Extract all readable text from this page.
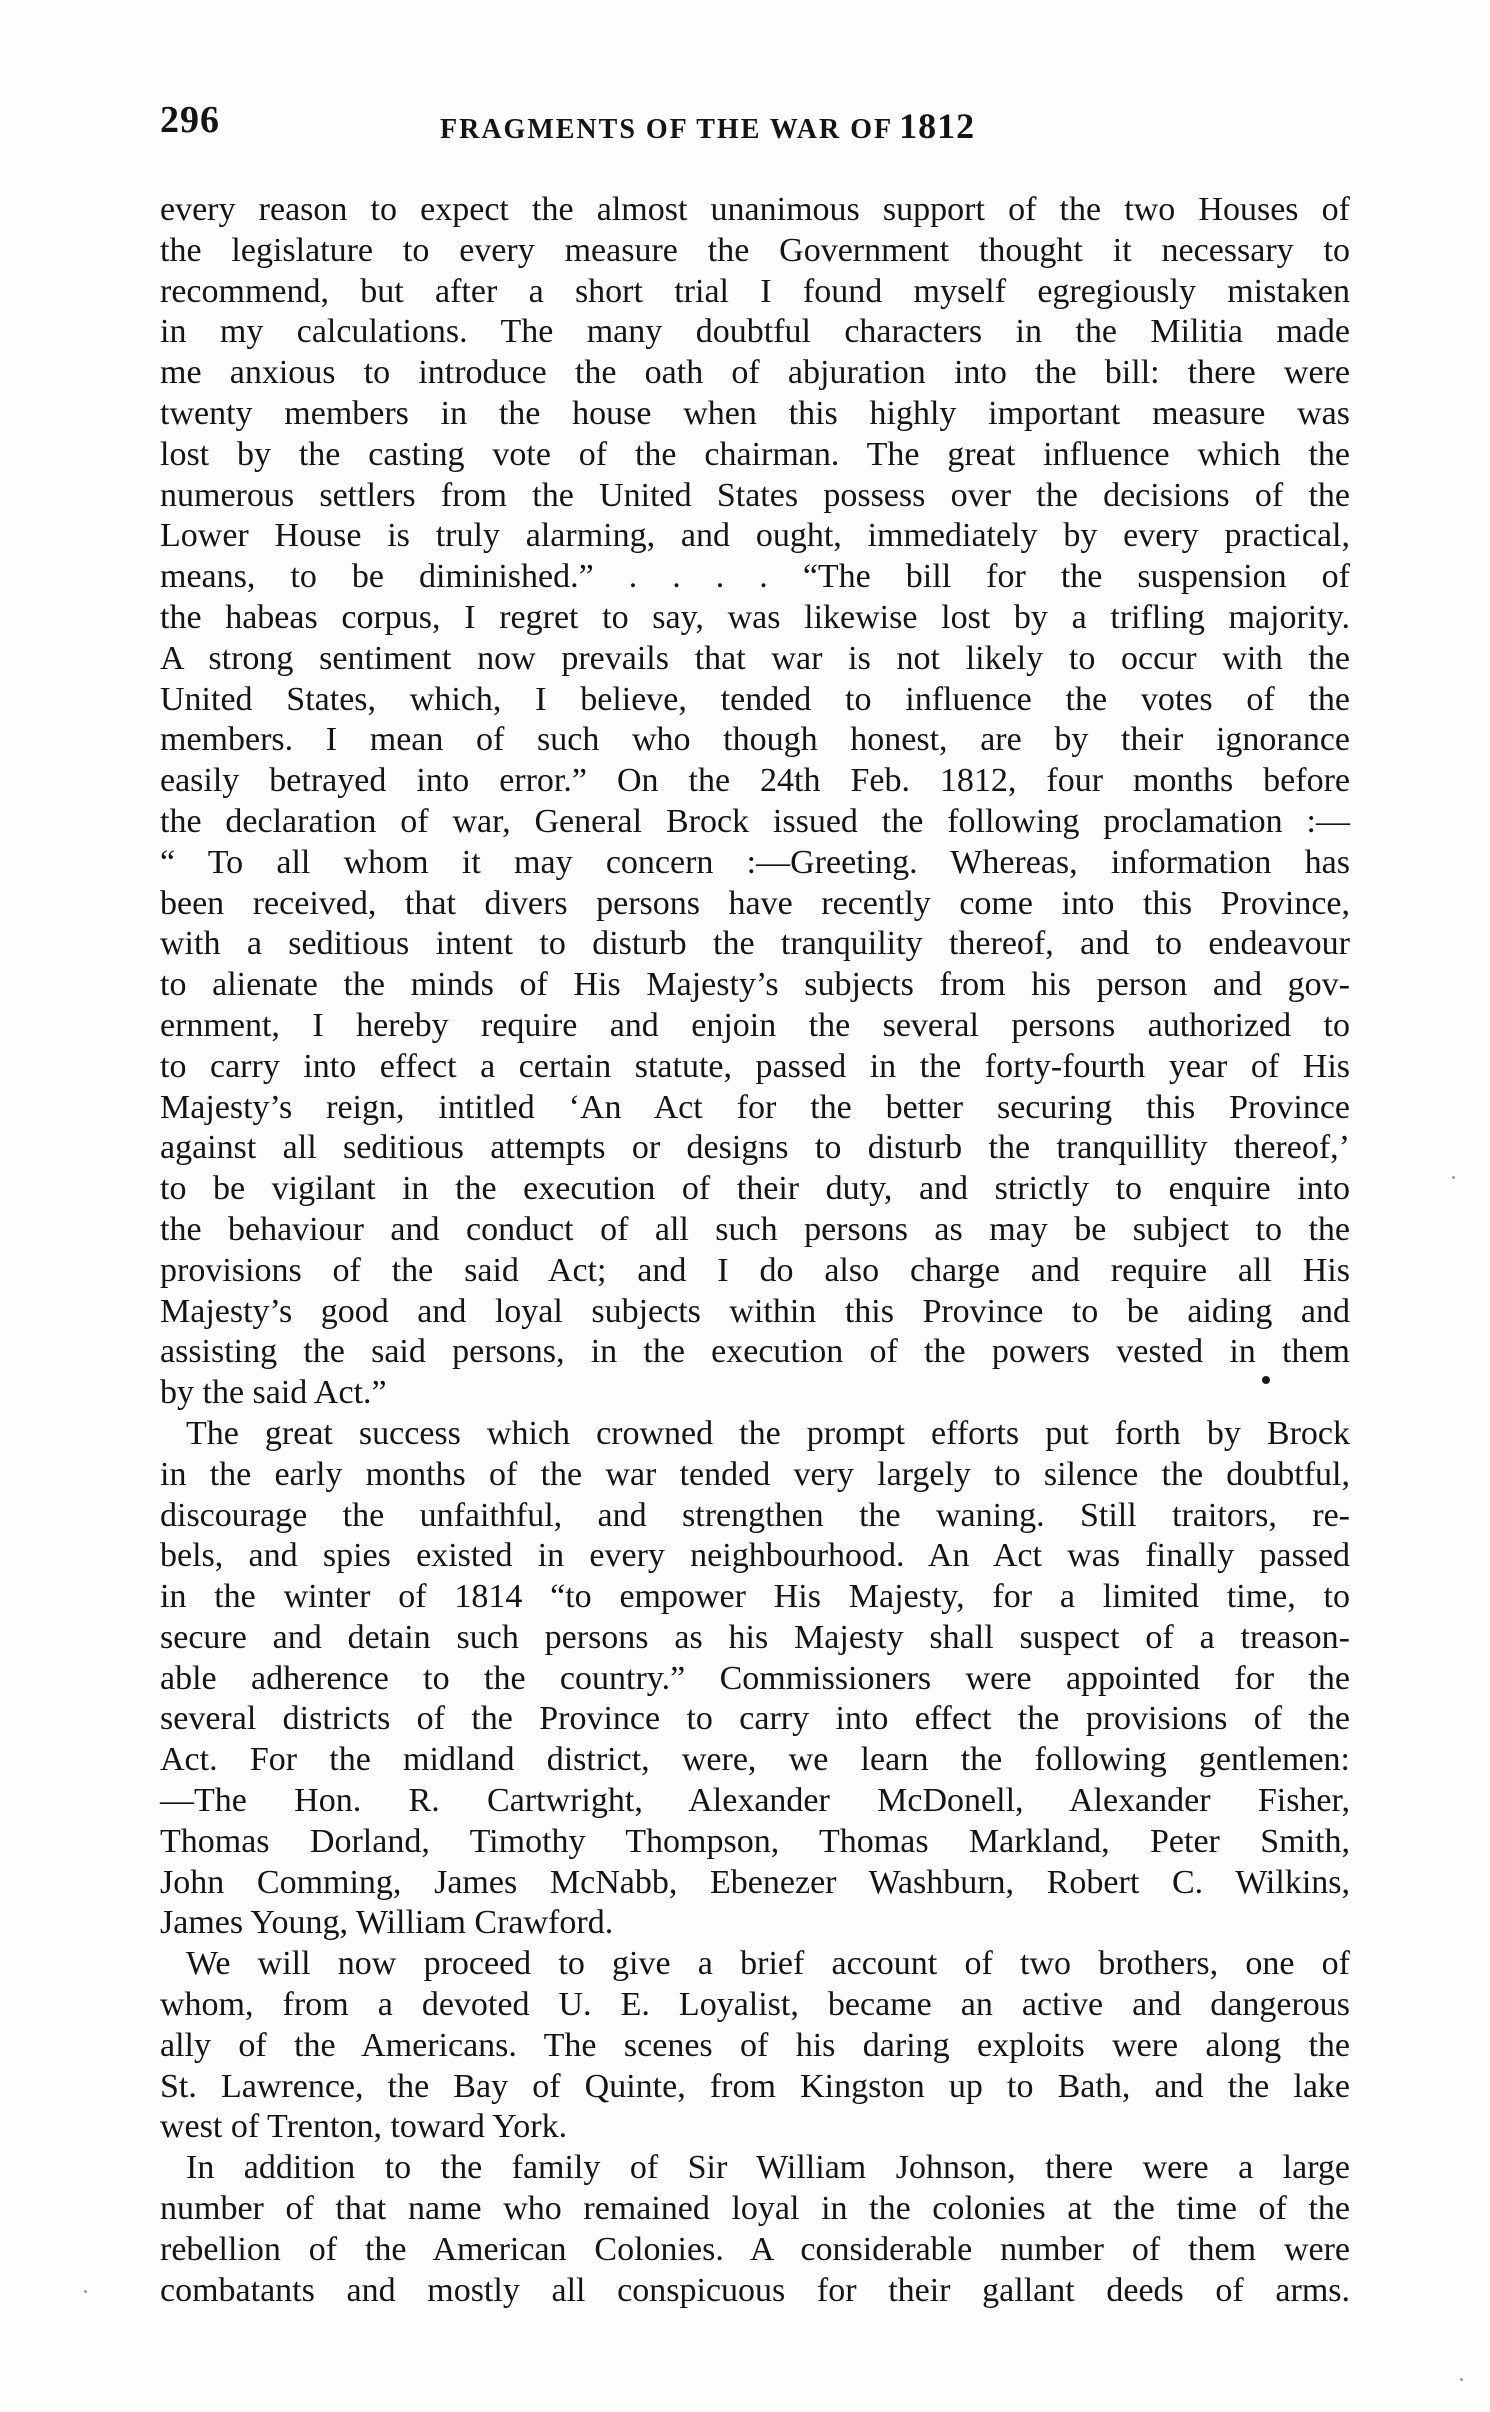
296	FRAGMENTS OF THE WAR OF 1812
every reason to expect the almost unanimous support of the two Houses of
the legislature to every measure the Government thought it necessary to
recommend, but after a short trial I found myself egregiously mistaken
in my calculations. The many doubtful characters in the Militia made
me anxious to introduce the oath of abjuration into the bill: there were
twenty members in the house when this highly important measure was
lost by the casting vote of the chairman. The great influence which the
numerous settlers from the United States possess over the decisions of the
Lower House is truly alarming, and ought, immediately by every practical,
means, to be diminished.” . . . . “The bill for the suspension of
the habeas corpus, I regret to say, was likewise lost by a trifling majority.
A strong sentiment now prevails that war is not likely to occur with the
United States, which, I believe, tended to influence the votes of the
members. I mean of such who though honest, are by their ignorance
easily betrayed into error.” On the 24th Feb. 1812, four months before
the declaration of war, General Brock issued the following proclamation :—
“ To all whom it may concern :—Greeting. Whereas, information has
been received, that divers persons have recently come into this Province,
with a seditious intent to disturb the tranquility thereof, and to endeavour
to alienate the minds of His Majesty’s subjects from his person and gov-
ernment, I hereby require and enjoin the several persons authorized to
to carry into effect a certain statute, passed in the forty-fourth year of His
Majesty’s reign, intitled ‘An Act for the better securing this Province
against all seditious attempts or designs to disturb the tranquillity thereof,’
to be vigilant in the execution of their duty, and strictly to enquire into
the behaviour and conduct of all such persons as may be subject to the
provisions of the said Act; and I do also charge and require all His
Majesty’s good and loyal subjects within this Province to be aiding and
assisting the said persons, in the execution of the powers vested in them
by the said Act.”
The great success which crowned the prompt efforts put forth by Brock
in the early months of the war tended very largely to silence the doubtful,
discourage the unfaithful, and strengthen the waning. Still traitors, re-
bels, and spies existed in every neighbourhood. An Act was finally passed
in the winter of 1814 “to empower His Majesty, for a limited time, to
secure and detain such persons as his Majesty shall suspect of a treason-
able adherence to the country.” Commissioners were appointed for the
several districts of the Province to carry into effect the provisions of the
Act. For the midland district, were, we learn the following gentlemen:
—The Hon. R. Cartwright, Alexander McDonell, Alexander Fisher,
Thomas Dorland, Timothy Thompson, Thomas Markland, Peter Smith,
John Comming, James McNabb, Ebenezer Washburn, Robert C. Wilkins,
James Young, William Crawford.
We will now proceed to give a brief account of two brothers, one of
whom, from a devoted U. E. Loyalist, became an active and dangerous
ally of the Americans. The scenes of his daring exploits were along the
St. Lawrence, the Bay of Quinte, from Kingston up to Bath, and the lake
west of Trenton, toward York.
In addition to the family of Sir William Johnson, there were a large
number of that name who remained loyal in the colonies at the time of the
rebellion of the American Colonies. A considerable number of them were
combatants and mostly all conspicuous for their gallant deeds of arms.
